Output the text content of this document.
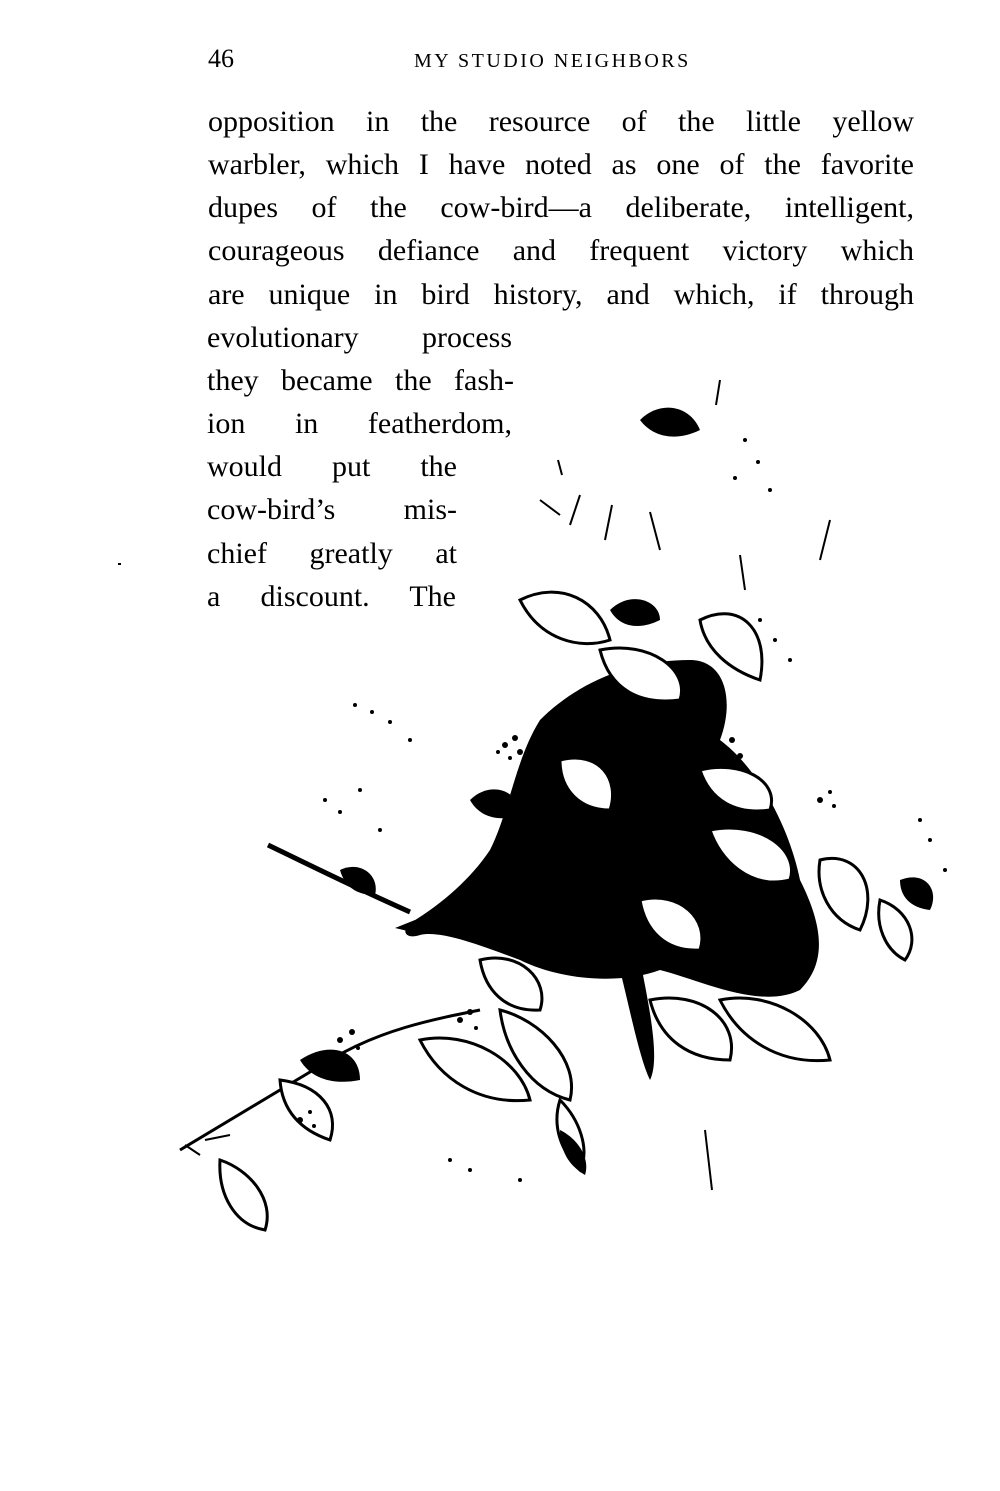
46	MY STUDIO NEIGHBORS
opposition in the resource of the little yellow
warbler, which I have noted as one of the favorite
dupes of the cow-bird—a deliberate, intelligent,
courageous defiance and frequent victory which
are unique in bird history, and which, if through
evolutionary process
they became the fash-
ion in featherdom,
would put the
cow-bird’s mis-
chief greatly at
a discount. The
